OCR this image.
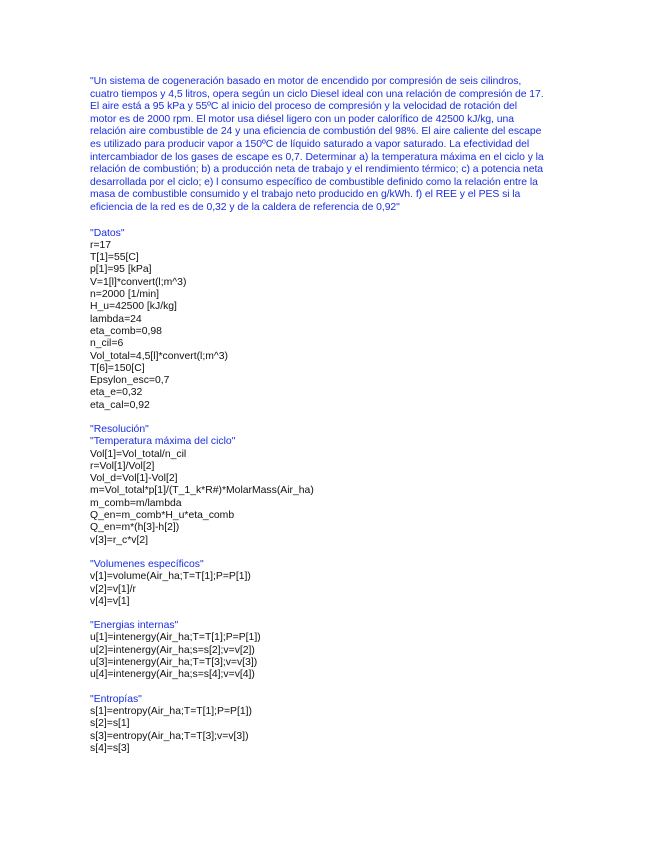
"Un sistema de cogeneración basado en motor de encendido por compresión de seis cilindros,
cuatro tiempos y 4,5 litros, opera según un ciclo Diesel ideal con una relación de compresión de 17.
El aire está a 95 kPa y 55ºC al inicio del proceso de compresión y la velocidad de rotación del
motor es de 2000 rpm. El motor usa diésel ligero con un poder calorífico de 42500 kJ/kg, una
relación aire combustible de 24 y una eficiencia de combustión del 98%. El aire caliente del escape
es utilizado para producir vapor a 150ºC de líquido saturado a vapor saturado. La efectividad del
intercambiador de los gases de escape es 0,7. Determinar a) la temperatura máxima en el ciclo y la
relación de combustión; b) a producción neta de trabajo y el rendimiento térmico; c) a potencia neta
desarrollada por el ciclo; e) l consumo específico de combustible definido como la relación entre la
masa de combustible consumido y el trabajo neto producido en g/kWh. f) el REE y el PES si la
eficiencia de la red es de 0,32 y de la caldera de referencia de 0,92"

"Datos"
r=17
T[1]=55[C]
p[1]=95 [kPa]
V=1[l]*convert(l;m^3)
n=2000 [1/min]
H_u=42500 [kJ/kg]
lambda=24
eta_comb=0,98
n_cil=6
Vol_total=4,5[l]*convert(l;m^3)
T[6]=150[C]
Epsylon_esc=0,7
eta_e=0,32
eta_cal=0,92
"Resolución"
"Temperatura máxima del ciclo"
Vol[1]=Vol_total/n_cil
r=Vol[1]/Vol[2]
Vol_d=Vol[1]-Vol[2]
m=Vol_total*p[1]/(T_1_k*R#)*MolarMass(Air_ha)
m_comb=m/lambda
Q_en=m_comb*H_u*eta_comb
Q_en=m*(h[3]-h[2])
v[3]=r_c*v[2]
"Volumenes específicos"
v[1]=volume(Air_ha;T=T[1];P=P[1])
v[2]=v[1]/r
v[4]=v[1]
"Energias internas"
u[1]=intenergy(Air_ha;T=T[1];P=P[1])
u[2]=intenergy(Air_ha;s=s[2];v=v[2])
u[3]=intenergy(Air_ha;T=T[3];v=v[3])
u[4]=intenergy(Air_ha;s=s[4];v=v[4])
"Entropías"
s[1]=entropy(Air_ha;T=T[1];P=P[1])
s[2]=s[1]
s[3]=entropy(Air_ha;T=T[3];v=v[3])
s[4]=s[3]
